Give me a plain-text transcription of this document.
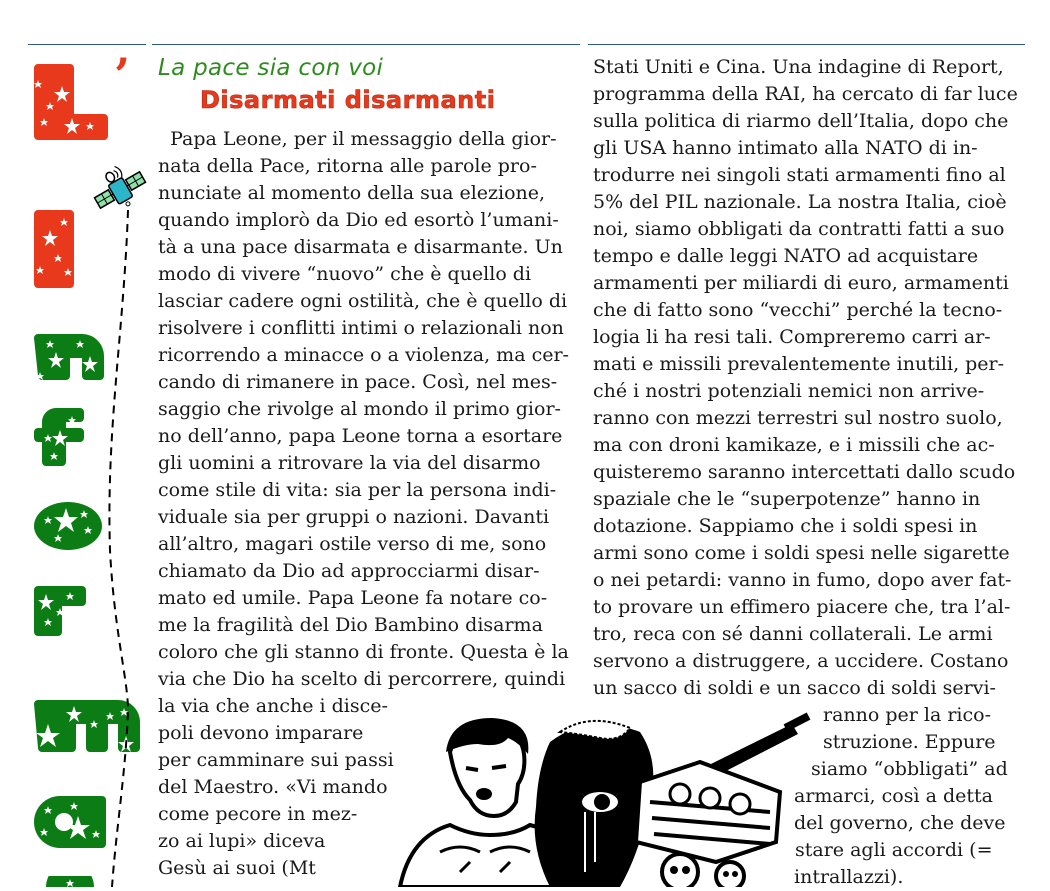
’ La pace sia con voi
Disarmati disarmanti
Papa Leone, per il messaggio della gior-
nata della Pace, ritorna alle parole pro-
nunciate al momento della sua elezione,
quando implorò da Dio ed esortò l’umani-
tà a una pace disarmata e disarmante. Un
modo di vivere “nuovo” che è quello di
lasciar cadere ogni ostilità, che è quello di
risolvere i conflitti intimi o relazionali non
ricorrendo a minacce o a violenza, ma cer-
cando di rimanere in pace. Così, nel mes-
saggio che rivolge al mondo il primo gior-
no dell’anno, papa Leone torna a esortare
gli uomini a ritrovare la via del disarmo
come stile di vita: sia per la persona indi-
viduale sia per gruppi o nazioni. Davanti
all’altro, magari ostile verso di me, sono
chiamato da Dio ad approcciarmi disar-
mato ed umile. Papa Leone fa notare co-
me la fragilità del Dio Bambino disarma
coloro che gli stanno di fronte. Questa è la
via che Dio ha scelto di percorrere, quindi
la via che anche i disce-
poli devono imparare
per camminare sui passi
del Maestro. «Vi mando
come pecore in mez-
zo ai lupi» diceva
Gesù ai suoi (Mt
Stati Uniti e Cina. Una indagine di Report,
programma della RAI, ha cercato di far luce
sulla politica di riarmo dell’Italia, dopo che
gli USA hanno intimato alla NATO di in-
trodurre nei singoli stati armamenti fino al
5% del PIL nazionale. La nostra Italia, cioè
noi, siamo obbligati da contratti fatti a suo
tempo e dalle leggi NATO ad acquistare
armamenti per miliardi di euro, armamenti
che di fatto sono “vecchi” perché la tecno-
logia li ha resi tali. Compreremo carri ar-
mati e missili prevalentemente inutili, per-
ché i nostri potenziali nemici non arrive-
ranno con mezzi terrestri sul nostro suolo,
ma con droni kamikaze, e i missili che ac-
quisteremo saranno intercettati dallo scudo
spaziale che le “superpotenze” hanno in
dotazione. Sappiamo che i soldi spesi in
armi sono come i soldi spesi nelle sigarette
o nei petardi: vanno in fumo, dopo aver fat-
to provare un effimero piacere che, tra l’al-
tro, reca con sé danni collaterali. Le armi
servono a distruggere, a uccidere. Costano
un sacco di soldi e un sacco di soldi servi-
ranno per la rico-
struzione. Eppure
siamo “obbligati” ad
armarci, così a detta
del governo, che deve
stare agli accordi (=
intrallazzi).
